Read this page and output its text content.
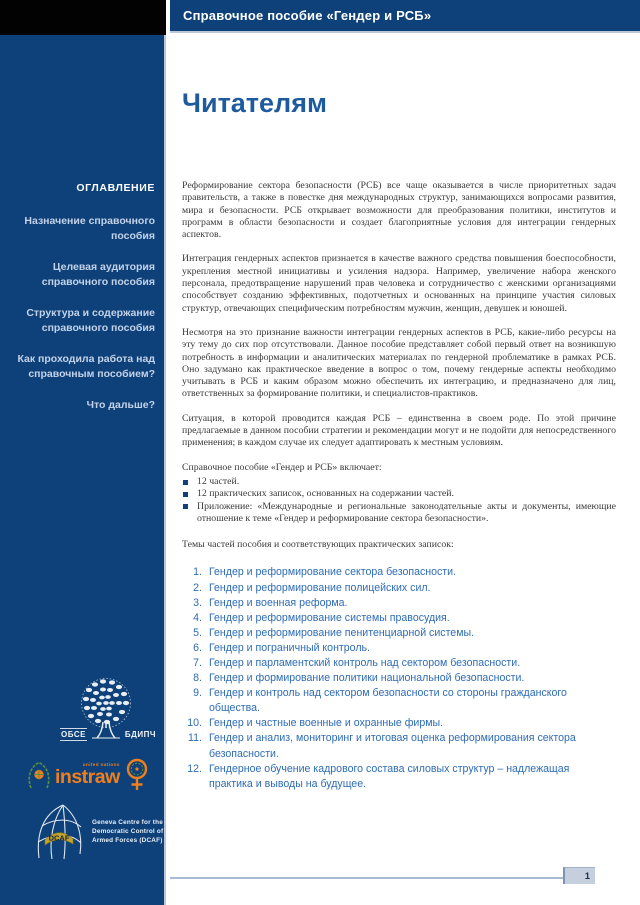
Справочное пособие «Гендер и РСБ»
ОГЛАВЛЕНИЕ
Назначение справочного пособия
Целевая аудитория справочного пособия
Структура и содержание справочного пособия
Как проходила работа над справочным пособием?
Что дальше?
ОБСЕ	БДИПЧ
instraw
united nations
DCAF
Geneva Centre for the
Democratic Control of
Armed Forces (DCAF)
Читателям

Реформирование сектора безопасности (РСБ) все чаще оказывается в числе приоритетных задач правительств, а также в повестке дня международных структур, занимающихся вопросами развития, мира и безопасности. РСБ открывает возможности для преобразования политики, институтов и программ в области безопасности и создает благоприятные условия для интеграции гендерных аспектов.

Интеграция гендерных аспектов признается в качестве важного средства повышения боеспособности, укрепления местной инициативы и усиления надзора. Например, увеличение набора женского персонала, предотвращение нарушений прав человека и сотрудничество с женскими организациями способствует созданию эффективных, подотчетных и основанных на принципе участия силовых структур, отвечающих специфическим потребностям мужчин, женщин, девушек и юношей.

Несмотря на это признание важности интеграции гендерных аспектов в РСБ, какие-либо ресурсы на эту тему до сих пор отсутствовали. Данное пособие представляет собой первый ответ на возникшую потребность в информации и аналитических материалах по гендерной проблематике в рамках РСБ. Оно задумано как практическое введение в вопрос о том, почему гендерные аспекты необходимо учитывать в РСБ и каким образом можно обеспечить их интеграцию, и предназначено для лиц, ответственных за формирование политики, и специалистов-практиков.

Ситуация, в которой проводится каждая РСБ – единственна в своем роде. По этой причине предлагаемые в данном пособии стратегии и рекомендации могут и не подойти для непосредственного применения; в каждом случае их следует адаптировать к местным условиям.

Справочное пособие «Гендер и РСБ» включает:

12 частей.
12 практических записок, основанных на содержании частей.
Приложение: «Международные и региональные законодательные акты и документы, имеющие отношение к теме «Гендер и реформирование сектора безопасности».

Темы частей пособия и соответствующих практических записок:

Гендер и реформирование сектора безопасности.
Гендер и реформирование полицейских сил.
Гендер и военная реформа.
Гендер и реформирование системы правосудия.
Гендер и реформирование пенитенциарной системы.
Гендер и пограничный контроль.
Гендер и парламентский контроль над сектором безопасности.
Гендер и формирование политики национальной безопасности.
Гендер и контроль над сектором безопасности со стороны гражданского общества.
Гендер и частные военные и охранные фирмы.
Гендер и анализ, мониторинг и итоговая оценка реформирования сектора безопасности.
Гендерное обучение кадрового состава силовых структур – надлежащая практика и выводы на будущее.
1
